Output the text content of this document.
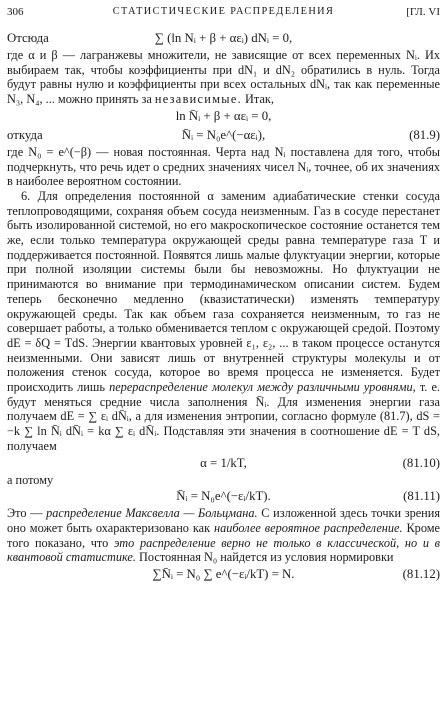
306	СТАТИСТИЧЕСКИЕ РАСПРЕДЕЛЕНИЯ	[ГЛ. VI
Отсюда	∑ (ln Nᵢ + β + αεᵢ) dNᵢ = 0,

где α и β — лагранжевы множители, не зависящие от всех переменных Nᵢ. Их выбираем так, чтобы коэффициенты при dN₁ и dN₂ обратились в нуль. Тогда будут равны нулю и коэффициенты при всех остальных dNᵢ, так как переменные N₃, N₄, ... можно принять за независимые. Итак,

ln N̄ᵢ + β + αεᵢ = 0,
откуда	N̄ᵢ = N₀e^(−αεᵢ),	(81.9)

где N₀ = e^(−β) — новая постоянная. Черта над Nᵢ поставлена для того, чтобы подчеркнуть, что речь идет о средних значениях чисел Nᵢ, точнее, об их значениях в наиболее вероятном состоянии.

6. Для определения постоянной α заменим адиабатические стенки сосуда теплопроводящими, сохраняя объем сосуда неизменным. Газ в сосуде перестанет быть изолированной системой, но его макроскопическое состояние останется тем же, если только температура окружающей среды равна температуре газа T и поддерживается постоянной. Появятся лишь малые флуктуации энергии, которые при полной изоляции системы были бы невозможны. Но флуктуации не принимаются во внимание при термодинамическом описании систем. Будем теперь бесконечно медленно (квазистатически) изменять температуру окружающей среды. Так как объем газа сохраняется неизменным, то газ не совершает работы, а только обменивается теплом с окружающей средой. Поэтому dE = δQ = TdS. Энергии квантовых уровней ε₁, ε₂, ... в таком процессе останутся неизменными. Они зависят лишь от внутренней структуры молекулы и от положения стенок сосуда, которое во время процесса не изменяется. Будет происходить лишь перераспределение молекул между различными уровнями, т. е. будут меняться средние числа заполнения N̄ᵢ. Для изменения энергии газа получаем dE = ∑ εᵢ dN̄ᵢ, а для изменения энтропии, согласно формуле (81.7), dS = −k ∑ ln N̄ᵢ dN̄ᵢ = kα ∑ εᵢ dN̄ᵢ. Подставляя эти значения в соотношение dE = T dS, получаем

α = 1/kT,	(81.10)

а потому

N̄ᵢ = N₀e^(−εᵢ/kT).	(81.11)

Это — распределение Максвелла — Больцмана. С изложенной здесь точки зрения оно может быть охарактеризовано как наиболее вероятное распределение. Кроме того показано, что это распределение верно не только в классической, но и в квантовой статистике. Постоянная N₀ найдется из условия нормировки

∑N̄ᵢ = N₀ ∑ e^(−εᵢ/kT) = N.	(81.12)
